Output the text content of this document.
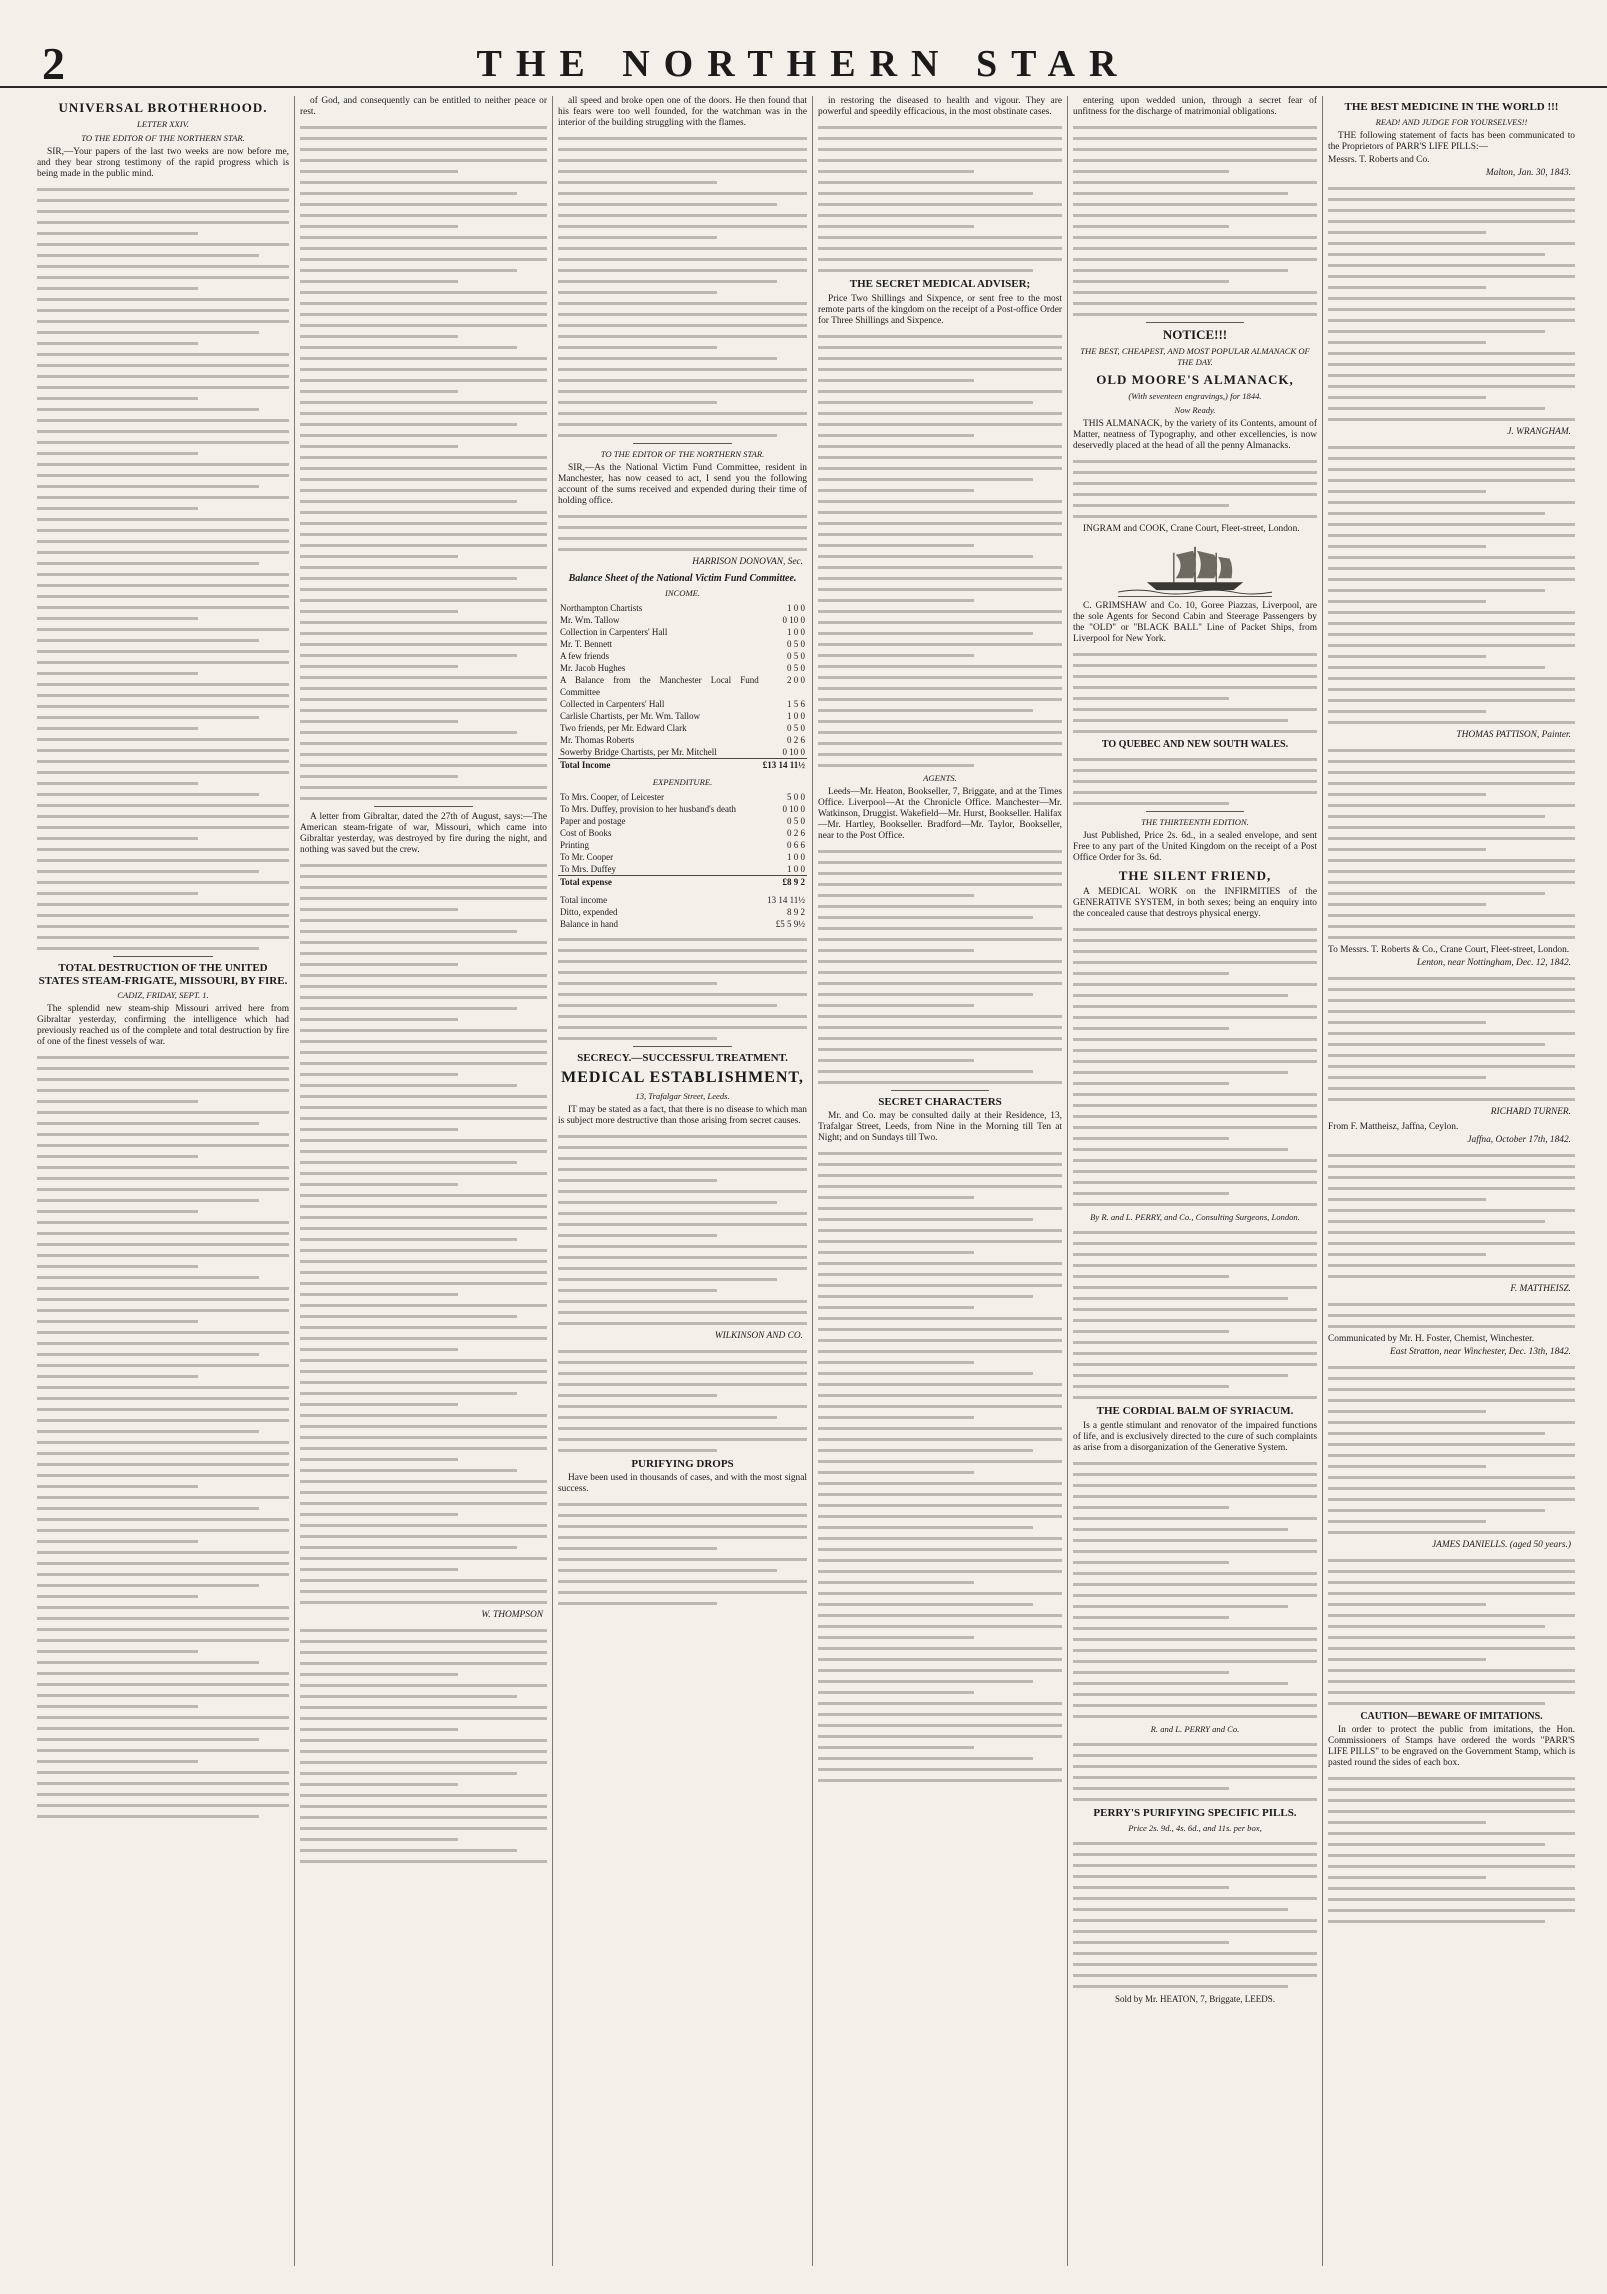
2	THE NORTHERN STAR
UNIVERSAL BROTHERHOOD.
LETTER XXIV.
TO THE EDITOR OF THE NORTHERN STAR.
SIR,—Your papers of the last two weeks are now before me, and they bear strong testimony of the rapid progress which is being made in the public mind.
TOTAL DESTRUCTION OF THE UNITED STATES STEAM-FRIGATE, MISSOURI, BY FIRE.
CADIZ, FRIDAY, SEPT. 1.
The splendid new steam-ship Missouri arrived here from Gibraltar yesterday, confirming the intelligence which had previously reached us of the complete and total destruction by fire of one of the finest vessels of war.
of God, and consequently can be entitled to neither peace or rest.
A letter from Gibraltar, dated the 27th of August, says:—The American steam-frigate of war, Missouri, which came into Gibraltar yesterday, was destroyed by fire during the night, and nothing was saved but the crew.
W. THOMPSON
all speed and broke open one of the doors. He then found that his fears were too well founded, for the watchman was in the interior of the building struggling with the flames.
TO THE EDITOR OF THE NORTHERN STAR.
SIR,—As the National Victim Fund Committee, resident in Manchester, has now ceased to act, I send you the following account of the sums received and expended during their time of holding office.
HARRISON DONOVAN, Sec.
Balance Sheet of the National Victim Fund Committee.
INCOME.
Northampton Chartists	1 0 0
Mr. Wm. Tallow	0 10 0
Collection in Carpenters' Hall	1 0 0
Mr. T. Bennett	0 5 0
A few friends	0 5 0
Mr. Jacob Hughes	0 5 0
A Balance from the Manchester Local Fund Committee	2 0 0
Collected in Carpenters' Hall	1 5 6
Carlisle Chartists, per Mr. Wm. Tallow	1 0 0
Two friends, per Mr. Edward Clark	0 5 0
Mr. Thomas Roberts	0 2 6
Sowerby Bridge Chartists, per Mr. Mitchell	0 10 0
Total Income	£13 14 11½
EXPENDITURE.
To Mrs. Cooper, of Leicester	5 0 0
To Mrs. Duffey, provision to her husband's death	0 10 0
Paper and postage	0 5 0
Cost of Books	0 2 6
Printing	0 6 6
To Mr. Cooper	1 0 0
To Mrs. Duffey	1 0 0
Total expense	£8 9 2
Total income	13 14 11½
Ditto, expended	8 9 2
Balance in hand	£5 5 9½
SECRECY.—SUCCESSFUL TREATMENT.
MEDICAL ESTABLISHMENT,
13, Trafalgar Street, Leeds.
IT may be stated as a fact, that there is no disease to which man is subject more destructive than those arising from secret causes.
WILKINSON AND CO.
PURIFYING DROPS
Have been used in thousands of cases, and with the most signal success.
in restoring the diseased to health and vigour. They are powerful and speedily efficacious, in the most obstinate cases.
THE SECRET MEDICAL ADVISER;
Price Two Shillings and Sixpence, or sent free to the most remote parts of the kingdom on the receipt of a Post-office Order for Three Shillings and Sixpence.
AGENTS.
Leeds—Mr. Heaton, Bookseller, 7, Briggate, and at the Times Office. Liverpool—At the Chronicle Office. Manchester—Mr. Watkinson, Druggist. Wakefield—Mr. Hurst, Bookseller. Halifax—Mr. Hartley, Bookseller. Bradford—Mr. Taylor, Bookseller, near to the Post Office.
SECRET CHARACTERS
Mr. and Co. may be consulted daily at their Residence, 13, Trafalgar Street, Leeds, from Nine in the Morning till Ten at Night; and on Sundays till Two.
entering upon wedded union, through a secret fear of unfitness for the discharge of matrimonial obligations.
NOTICE!!!
THE BEST, CHEAPEST, AND MOST POPULAR ALMANACK OF THE DAY.
OLD MOORE'S ALMANACK,
(With seventeen engravings,) for 1844.
Now Ready.
THIS ALMANACK, by the variety of its Contents, amount of Matter, neatness of Typography, and other excellencies, is now deservedly placed at the head of all the penny Almanacks.
INGRAM and COOK, Crane Court, Fleet-street, London.
C. GRIMSHAW and Co. 10, Goree Piazzas, Liverpool, are the sole Agents for Second Cabin and Steerage Passengers by the "OLD" or "BLACK BALL" Line of Packet Ships, from Liverpool for New York.
TO QUEBEC AND NEW SOUTH WALES.
THE THIRTEENTH EDITION.
Just Published, Price 2s. 6d., in a sealed envelope, and sent Free to any part of the United Kingdom on the receipt of a Post Office Order for 3s. 6d.
THE SILENT FRIEND,
A MEDICAL WORK on the INFIRMITIES of the GENERATIVE SYSTEM, in both sexes; being an enquiry into the concealed cause that destroys physical energy.
By R. and L. PERRY, and Co., Consulting Surgeons, London.
THE CORDIAL BALM OF SYRIACUM.
Is a gentle stimulant and renovator of the impaired functions of life, and is exclusively directed to the cure of such complaints as arise from a disorganization of the Generative System.
R. and L. PERRY and Co.
PERRY'S PURIFYING SPECIFIC PILLS.
Price 2s. 9d., 4s. 6d., and 11s. per box,
Sold by Mr. HEATON, 7, Briggate, LEEDS.
THE BEST MEDICINE IN THE WORLD !!!
READ! AND JUDGE FOR YOURSELVES!!
THE following statement of facts has been communicated to the Proprietors of PARR'S LIFE PILLS:—
Messrs. T. Roberts and Co.
Malton, Jan. 30, 1843.
J. WRANGHAM.
THOMAS PATTISON, Painter.
To Messrs. T. Roberts & Co., Crane Court, Fleet-street, London.
Lenton, near Nottingham, Dec. 12, 1842.
RICHARD TURNER.
From F. Mattheisz, Jaffna, Ceylon.
Jaffna, October 17th, 1842.
F. MATTHEISZ.
Communicated by Mr. H. Foster, Chemist, Winchester.
East Stratton, near Winchester, Dec. 13th, 1842.
JAMES DANIELLS. (aged 50 years.)
CAUTION—BEWARE OF IMITATIONS.
In order to protect the public from imitations, the Hon. Commissioners of Stamps have ordered the words "PARR'S LIFE PILLS" to be engraved on the Government Stamp, which is pasted round the sides of each box.
